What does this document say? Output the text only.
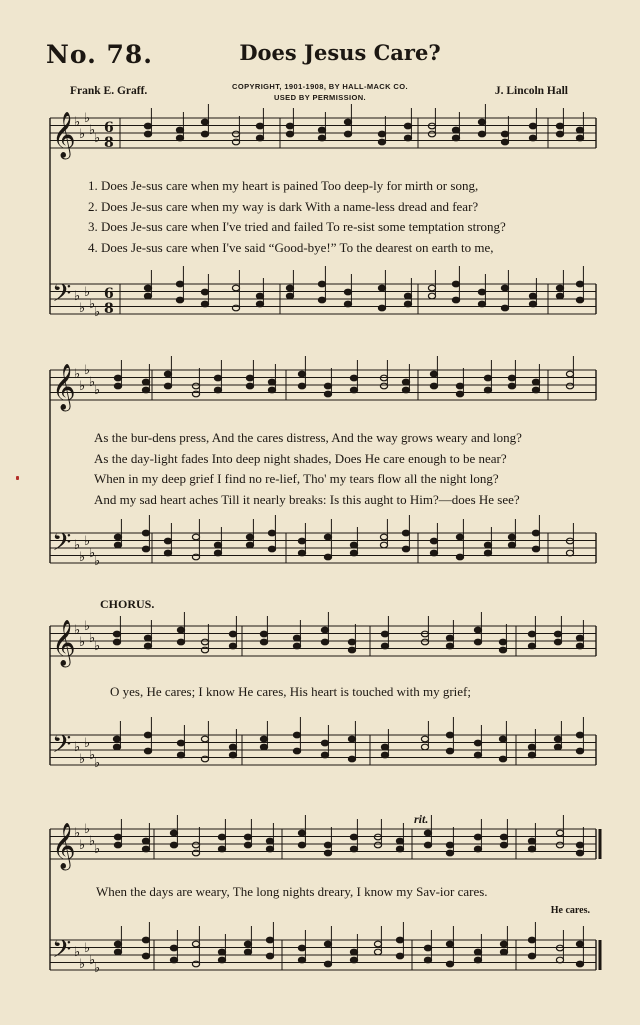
No. 78.	Does Jesus Care?
Frank E. Graff.	COPYRIGHT, 1901-1908, BY HALL-MACK CO.
USED BY PERMISSION.
J. Lincoln Hall
𝄞
♭
♭
♭
♭
♭
𝄢 ♭
♭
♭
♭
♭
6
8
6
8
𝄞
♭
♭
♭
♭
♭
𝄢 ♭
♭
♭
♭
♭
𝄞
♭
♭
♭
♭
♭
𝄢 ♭
♭
♭
♭
♭
𝄞
♭
♭
♭
♭
♭
𝄢 ♭
♭
♭
♭
♭
1. Does Je-sus care when my heart is pained Too deep-ly for mirth or song,
2. Does Je-sus care when my way is dark With a name-less dread and fear?
3. Does Je-sus care when I've tried and failed To re-sist some temptation strong?
4. Does Je-sus care when I've said “Good-bye!” To the dearest on earth to me,
As the bur-dens press, And the cares distress, And the way grows weary and long?
As the day-light fades Into deep night shades, Does He care enough to be near?
When in my deep grief I find no re-lief, Tho' my tears flow all the night long?
And my sad heart aches Till it nearly breaks: Is this aught to Him?—does He see?
CHORUS.
O yes, He cares; I know He cares, His heart is touched with my grief;
rit.
When the days are weary, The long nights dreary, I know my Sav-ior cares.
He cares.
